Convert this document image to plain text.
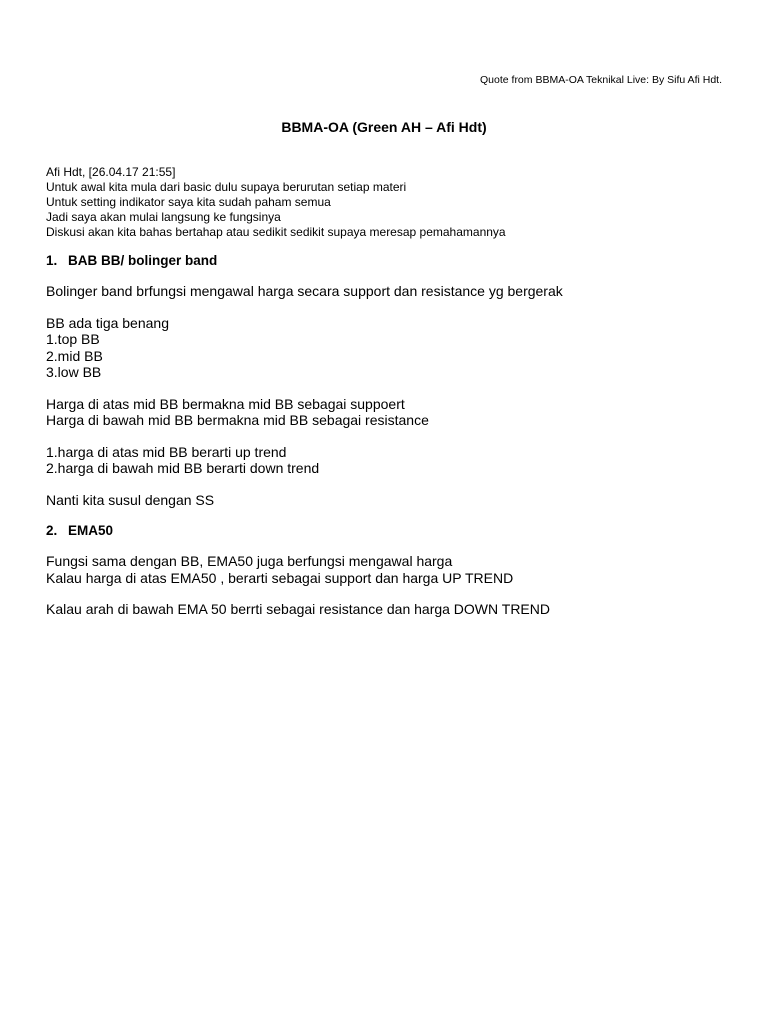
Quote from BBMA-OA Teknikal Live: By Sifu Afi Hdt.
BBMA-OA (Green AH – Afi Hdt)
Afi Hdt, [26.04.17 21:55]
Untuk awal kita mula dari basic dulu supaya berurutan setiap materi
Untuk setting indikator saya kita sudah paham semua
Jadi saya akan mulai langsung ke fungsinya
Diskusi akan kita bahas bertahap atau sedikit sedikit supaya meresap pemahamannya
1. BAB BB/ bolinger band
Bolinger band brfungsi mengawal harga secara support dan resistance yg bergerak
BB ada tiga benang
1.top BB
2.mid BB
3.low BB
Harga di atas mid BB bermakna mid BB sebagai suppoert
Harga di bawah mid BB bermakna mid BB sebagai resistance
1.harga di atas mid BB berarti up trend
2.harga di bawah mid BB berarti down trend
Nanti kita susul dengan SS
2. EMA50
Fungsi sama dengan BB, EMA50 juga berfungsi mengawal harga
Kalau harga di atas EMA50 , berarti sebagai support dan harga UP TREND
Kalau arah di bawah EMA 50 berrti sebagai resistance dan harga DOWN TREND
